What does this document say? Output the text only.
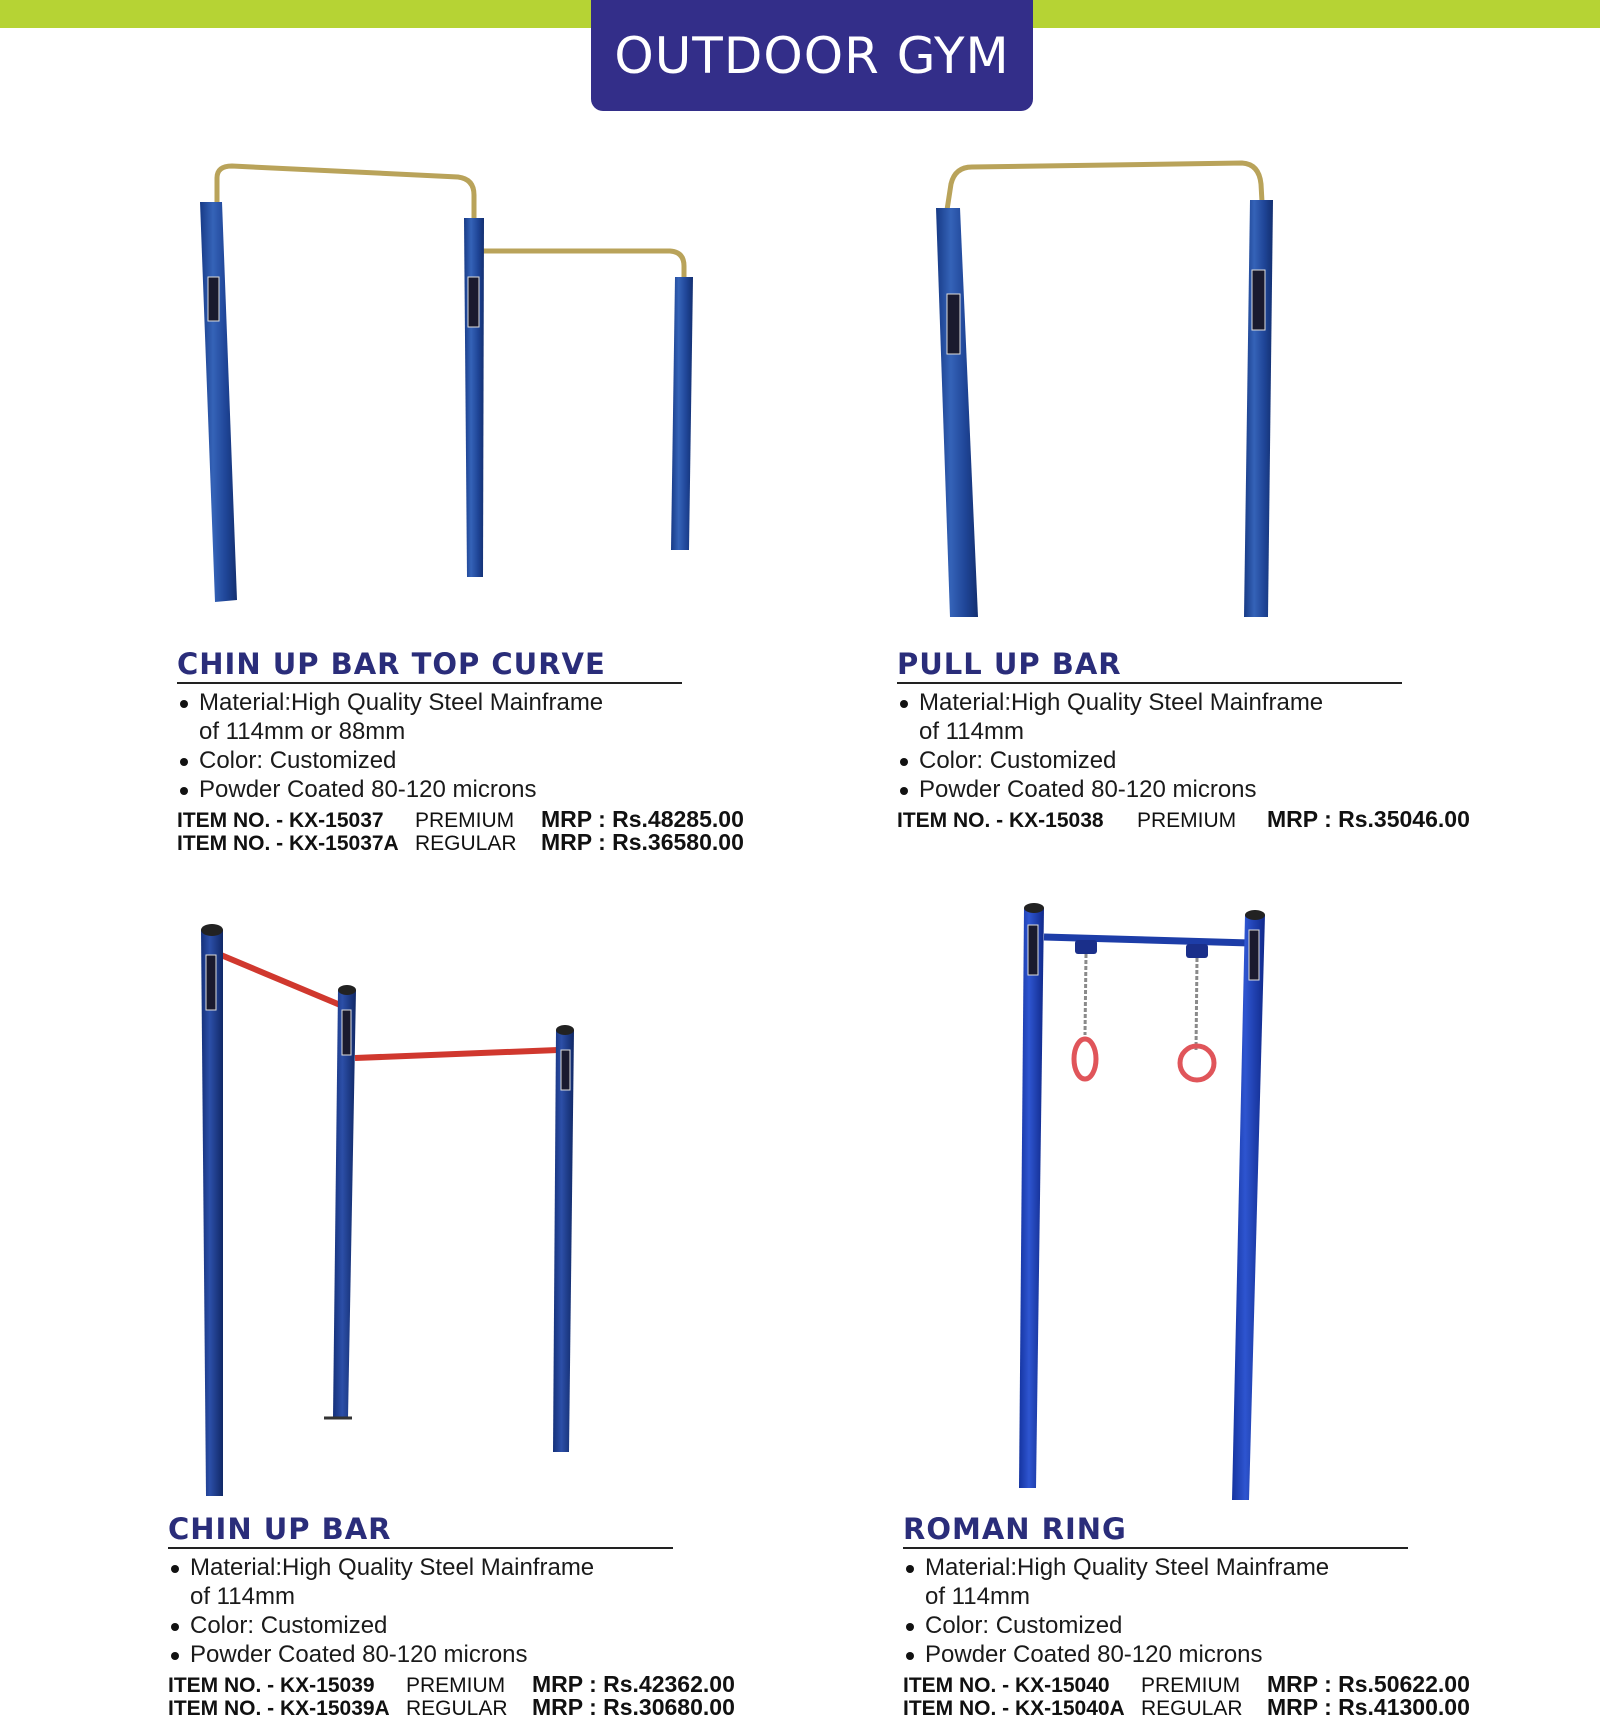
OUTDOOR GYM
CHIN UP BAR TOP CURVE
Material:High Quality Steel Mainframe
of 114mm or 88mm
Color: Customized
Powder Coated 80-120 microns
ITEM NO. - KX-15037 PREMIUM MRP : Rs.48285.00
ITEM NO. - KX-15037A REGULAR MRP : Rs.36580.00
PULL UP BAR
Material:High Quality Steel Mainframe
of 114mm
Color: Customized
Powder Coated 80-120 microns
ITEM NO. - KX-15038 PREMIUM MRP : Rs.35046.00
CHIN UP BAR
Material:High Quality Steel Mainframe
of 114mm
Color: Customized
Powder Coated 80-120 microns
ITEM NO. - KX-15039 PREMIUM MRP : Rs.42362.00
ITEM NO. - KX-15039A REGULAR MRP : Rs.30680.00
ROMAN RING
Material:High Quality Steel Mainframe
of 114mm
Color: Customized
Powder Coated 80-120 microns
ITEM NO. - KX-15040 PREMIUM MRP : Rs.50622.00
ITEM NO. - KX-15040A REGULAR MRP : Rs.41300.00
